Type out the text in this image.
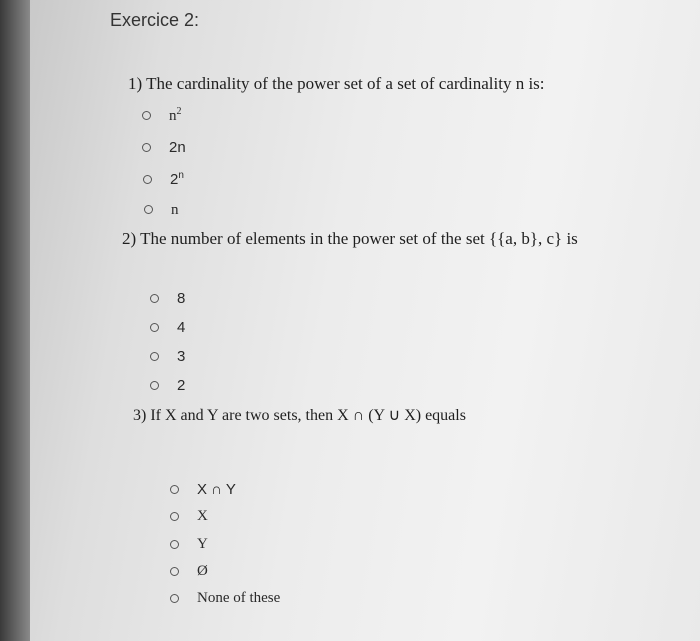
Exercice 2:
1) The cardinality of the power set of a set of cardinality n is:
$n^2$
2n
2$^n$
n
2) The number of elements in the power set of the set {{a, b}, c} is
8
4
3
2
3) If X and Y are two sets, then X ∩ (Y ∪ X) equals
X ∩ Y
X
Y
Ø
None of these
